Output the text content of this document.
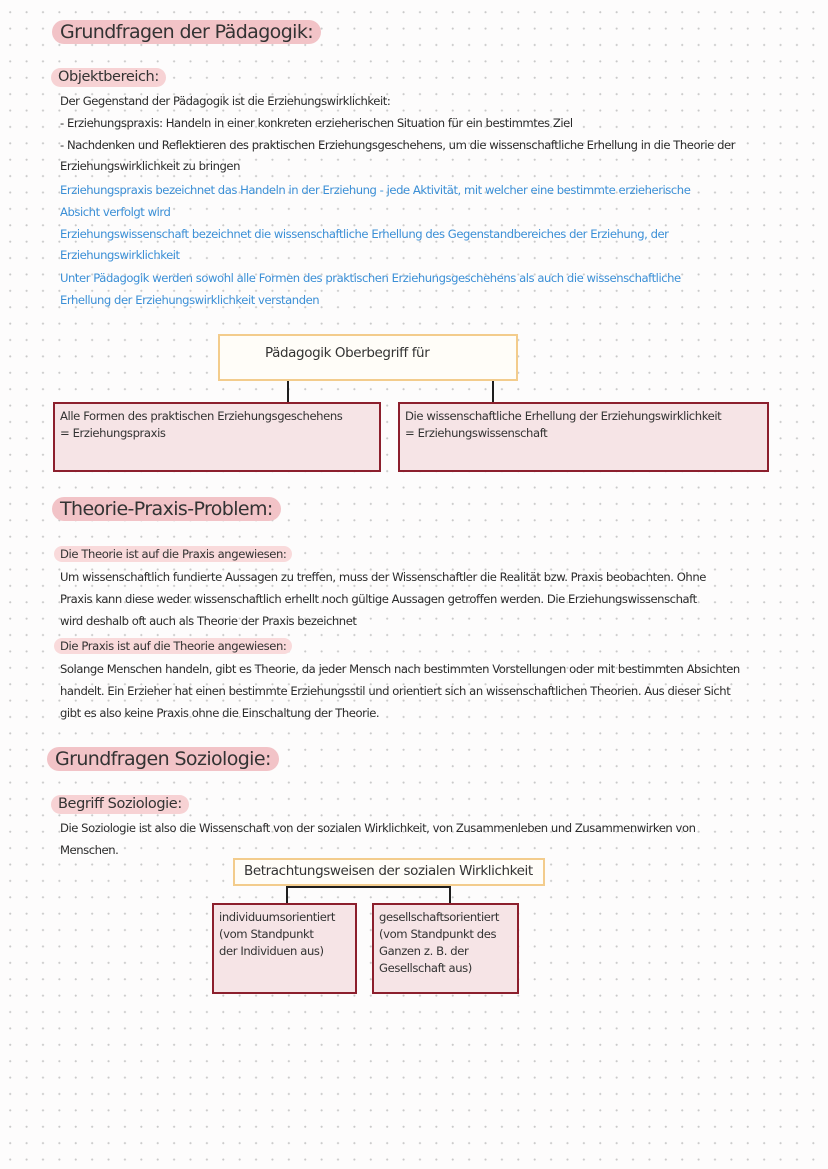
Grundfragen der Pädagogik:
Objektbereich:
Der Gegenstand der Pädagogik ist die Erziehungswirklichkeit:
- Erziehungspraxis: Handeln in einer konkreten erzieherischen Situation für ein bestimmtes Ziel
- Nachdenken und Reflektieren des praktischen Erziehungsgeschehens, um die wissenschaftliche Erhellung in die Theorie der
Erziehungswirklichkeit zu bringen
Erziehungspraxis bezeichnet das Handeln in der Erziehung - jede Aktivität, mit welcher eine bestimmte erzieherische
Absicht verfolgt wird
Erziehungswissenschaft bezeichnet die wissenschaftliche Erhellung des Gegenstandbereiches der Erziehung, der
Erziehungswirklichkeit
Unter Pädagogik werden sowohl alle Formen des praktischen Erziehungsgeschehens als auch die wissenschaftliche
Erhellung der Erziehungswirklichkeit verstanden
Pädagogik Oberbegriff für
Alle Formen des praktischen Erziehungsgeschehens
= Erziehungspraxis
Die wissenschaftliche Erhellung der Erziehungswirklichkeit
= Erziehungswissenschaft
Theorie-Praxis-Problem:
Die Theorie ist auf die Praxis angewiesen:
Um wissenschaftlich fundierte Aussagen zu treffen, muss der Wissenschaftler die Realität bzw. Praxis beobachten. Ohne
Praxis kann diese weder wissenschaftlich erhellt noch gültige Aussagen getroffen werden. Die Erziehungswissenschaft
wird deshalb oft auch als Theorie der Praxis bezeichnet
Die Praxis ist auf die Theorie angewiesen:
Solange Menschen handeln, gibt es Theorie, da jeder Mensch nach bestimmten Vorstellungen oder mit bestimmten Absichten
handelt. Ein Erzieher hat einen bestimmte Erziehungsstil und orientiert sich an wissenschaftlichen Theorien. Aus dieser Sicht
gibt es also keine Praxis ohne die Einschaltung der Theorie.
Grundfragen Soziologie:
Begriff Soziologie:
Die Soziologie ist also die Wissenschaft von der sozialen Wirklichkeit, von Zusammenleben und Zusammenwirken von
Menschen.
Betrachtungsweisen der sozialen Wirklichkeit
individuumsorientiert
(vom Standpunkt
der Individuen aus)
gesellschaftsorientiert
(vom Standpunkt des
Ganzen z. B. der
Gesellschaft aus)
